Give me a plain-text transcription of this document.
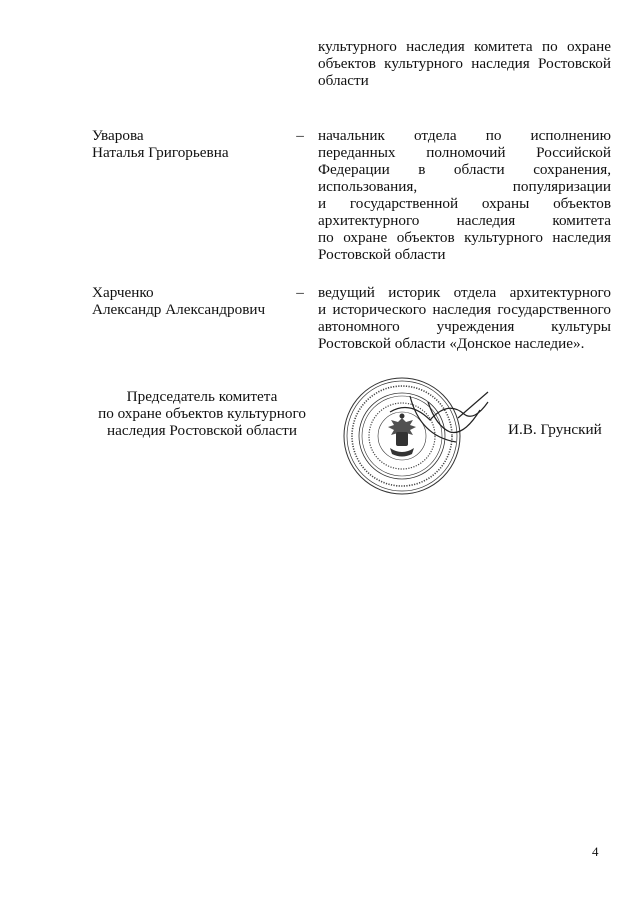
культурного наследия комитета по охране
объектов культурного наследия Ростовской
области
Уварова
Наталья Григорьевна
– начальник отдела по исполнению
переданных полномочий Российской
Федерации в области сохранения,
использования, популяризации
и государственной охраны объектов
архитектурного наследия комитета
по охране объектов культурного наследия
Ростовской области
Харченко
Александр Александрович
– ведущий историк отдела архитектурного
и исторического наследия государственного
автономного учреждения культуры
Ростовской области «Донское наследие».
Председатель комитета
по охране объектов культурного
наследия Ростовской области	И.В. Грунский
4
